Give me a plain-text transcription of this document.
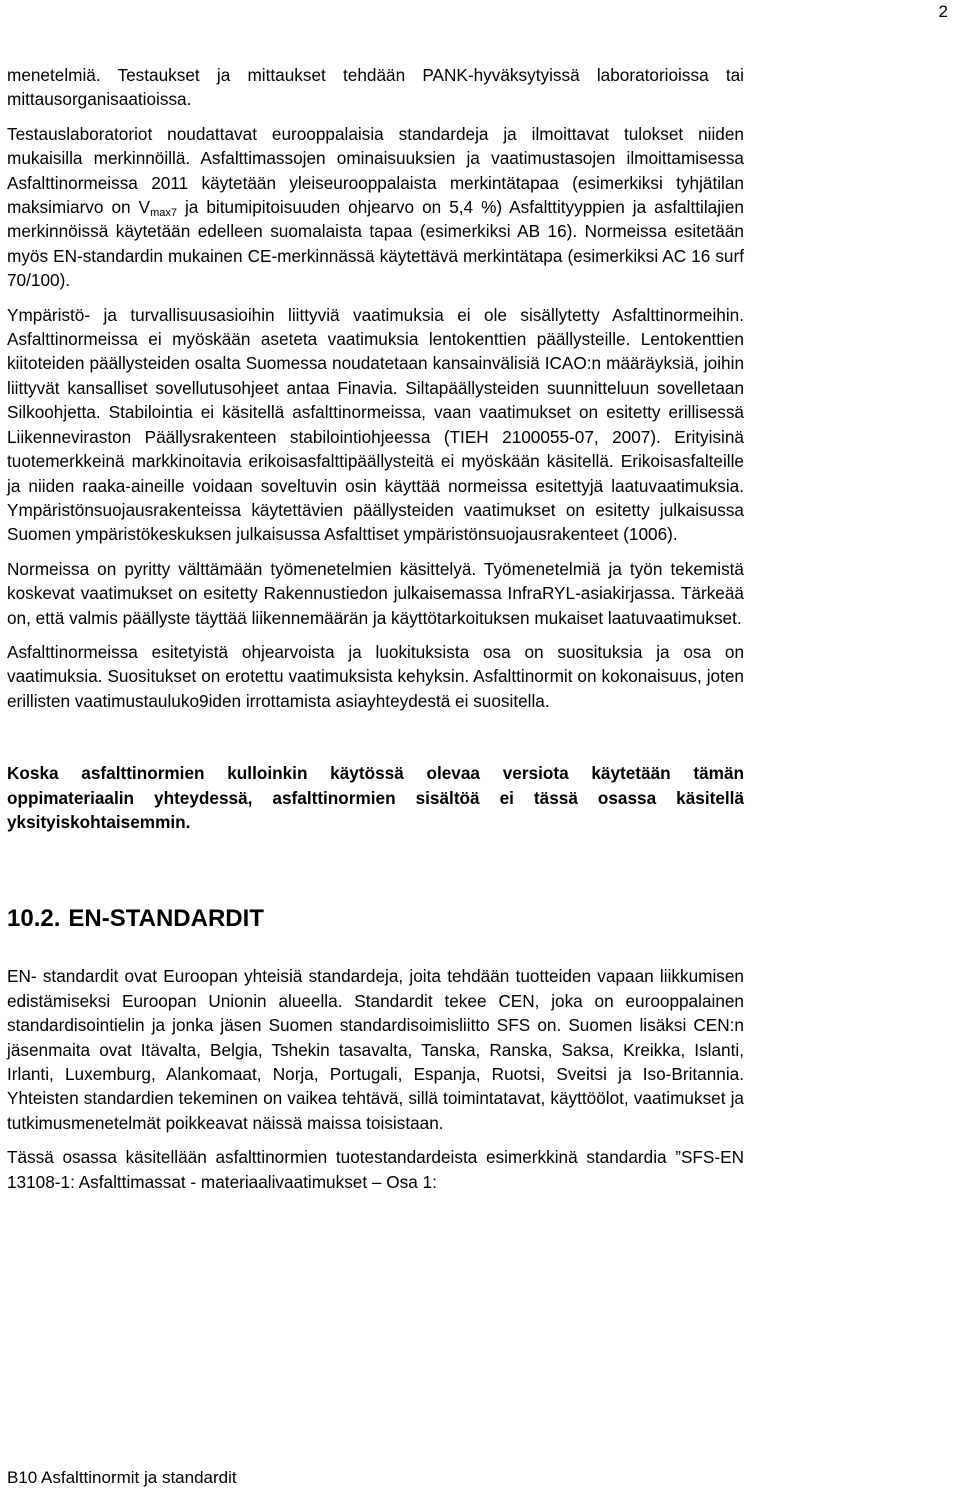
2

menetelmiä. Testaukset ja mittaukset tehdään PANK-hyväksytyissä laboratorioissa tai mittausorganisaatioissa.

Testauslaboratoriot noudattavat eurooppalaisia standardeja ja ilmoittavat tulokset niiden mukaisilla merkinnöillä. Asfalttimassojen ominaisuuksien ja vaatimustasojen ilmoittamisessa Asfalttinormeissa 2011 käytetään yleiseurooppalaista merkintätapaa (esimerkiksi tyhjätilan maksimiarvo on $V_{max7}$ ja bitumipitoisuuden ohjearvo on 5,4 %) Asfalttityyppien ja asfalttilajien merkinnöissä käytetään edelleen suomalaista tapaa (esimerkiksi AB 16). Normeissa esitetään myös EN-standardin mukainen CE-merkinnässä käytettävä merkintätapa (esimerkiksi AC 16 surf 70/100).

Ympäristö- ja turvallisuusasioihin liittyviä vaatimuksia ei ole sisällytetty Asfalttinormeihin. Asfalttinormeissa ei myöskään aseteta vaatimuksia lentokenttien päällysteille. Lentokenttien kiitoteiden päällysteiden osalta Suomessa noudatetaan kansainvälisiä ICAO:n määräyksiä, joihin liittyvät kansalliset sovellutusohjeet antaa Finavia. Siltapäällysteiden suunnitteluun sovelletaan Silkoohjetta. Stabilointia ei käsitellä asfalttinormeissa, vaan vaatimukset on esitetty erillisessä Liikenneviraston Päällysrakenteen stabilointiohjeessa (TIEH 2100055-07, 2007). Erityisinä tuotemerkkeinä markkinoitavia erikoisasfalttipäällysteitä ei myöskään käsitellä. Erikoisasfalteille ja niiden raaka-aineille voidaan soveltuvin osin käyttää normeissa esitettyjä laatuvaatimuksia. Ympäristönsuojausrakenteissa käytettävien päällysteiden vaatimukset on esitetty julkaisussa Suomen ympäristökeskuksen julkaisussa Asfalttiset ympäristönsuojausrakenteet (1006).

Normeissa on pyritty välttämään työmenetelmien käsittelyä. Työmenetelmiä ja työn tekemistä koskevat vaatimukset on esitetty Rakennustiedon julkaisemassa InfraRYL-asiakirjassa. Tärkeää on, että valmis päällyste täyttää liikennemäärän ja käyttötarkoituksen mukaiset laatuvaatimukset.

Asfalttinormeissa esitetyistä ohjearvoista ja luokituksista osa on suosituksia ja osa on vaatimuksia. Suositukset on erotettu vaatimuksista kehyksin. Asfalttinormit on kokonaisuus, joten erillisten vaatimustauluko9iden irrottamista asiayhteydestä ei suositella.

Koska asfalttinormien kulloinkin käytössä olevaa versiota käytetään tämän oppimateriaalin yhteydessä, asfalttinormien sisältöä ei tässä osassa käsitellä yksityiskohtaisemmin.

10.2. EN-STANDARDIT

EN- standardit ovat Euroopan yhteisiä standardeja, joita tehdään tuotteiden vapaan liikkumisen edistämiseksi Euroopan Unionin alueella. Standardit tekee CEN, joka on eurooppalainen standardisointielin ja jonka jäsen Suomen standardisoimisliitto SFS on. Suomen lisäksi CEN:n jäsenmaita ovat Itävalta, Belgia, Tshekin tasavalta, Tanska, Ranska, Saksa, Kreikka, Islanti, Irlanti, Luxemburg, Alankomaat, Norja, Portugali, Espanja, Ruotsi, Sveitsi ja Iso-Britannia. Yhteisten standardien tekeminen on vaikea tehtävä, sillä toimintatavat, käyttöölot, vaatimukset ja tutkimusmenetelmät poikkeavat näissä maissa toisistaan.

Tässä osassa käsitellään asfalttinormien tuotestandardeista esimerkkinä standardia ”SFS-EN 13108-1: Asfalttimassat - materiaalivaatimukset – Osa 1:

B10 Asfalttinormit ja standardit
